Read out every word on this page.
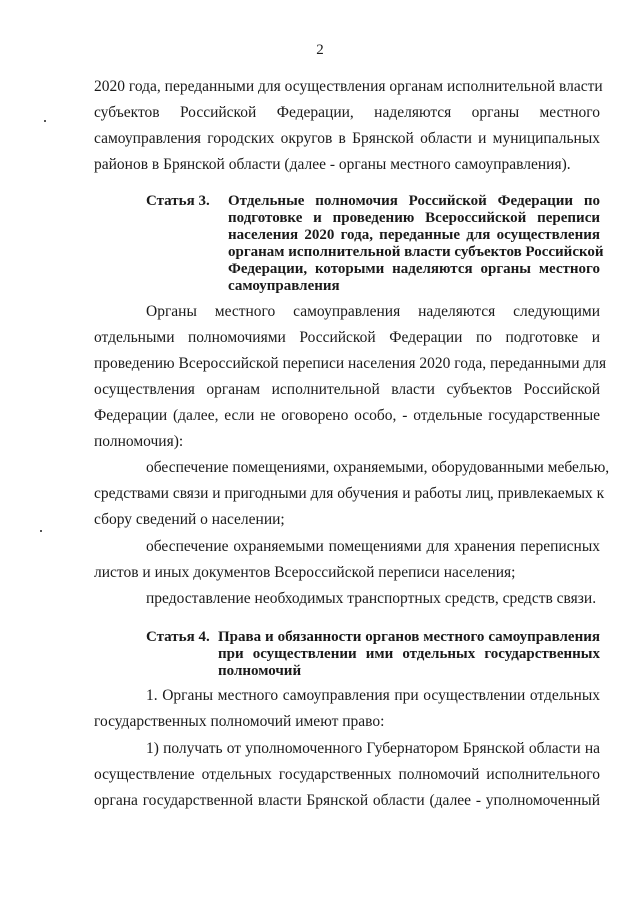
2

2020 года, переданными для осуществления органам исполнительной власти

субъектов Российской Федерации, наделяются органы местного

самоуправления городских округов в Брянской области и муниципальных

районов в Брянской области (далее - органы местного самоуправления).

Статья 3. Отдельные полномочия Российской Федерации по
подготовке и проведению Всероссийской переписи
населения 2020 года, переданные для осуществления
органам исполнительной власти субъектов Российской
Федерации, которыми наделяются органы местного
самоуправления

Органы местного самоуправления наделяются следующими

отдельными полномочиями Российской Федерации по подготовке и

проведению Всероссийской переписи населения 2020 года, переданными для

осуществления органам исполнительной власти субъектов Российской

Федерации (далее, если не оговорено особо, - отдельные государственные

полномочия):

обеспечение помещениями, охраняемыми, оборудованными мебелью,

средствами связи и пригодными для обучения и работы лиц, привлекаемых к

сбору сведений о населении;

обеспечение охраняемыми помещениями для хранения переписных

листов и иных документов Всероссийской переписи населения;

предоставление необходимых транспортных средств, средств связи.

Статья 4. Права и обязанности органов местного самоуправления
при осуществлении ими отдельных государственных
полномочий

1. Органы местного самоуправления при осуществлении отдельных

государственных полномочий имеют право:

1) получать от уполномоченного Губернатором Брянской области на

осуществление отдельных государственных полномочий исполнительного

органа государственной власти Брянской области (далее - уполномоченный
